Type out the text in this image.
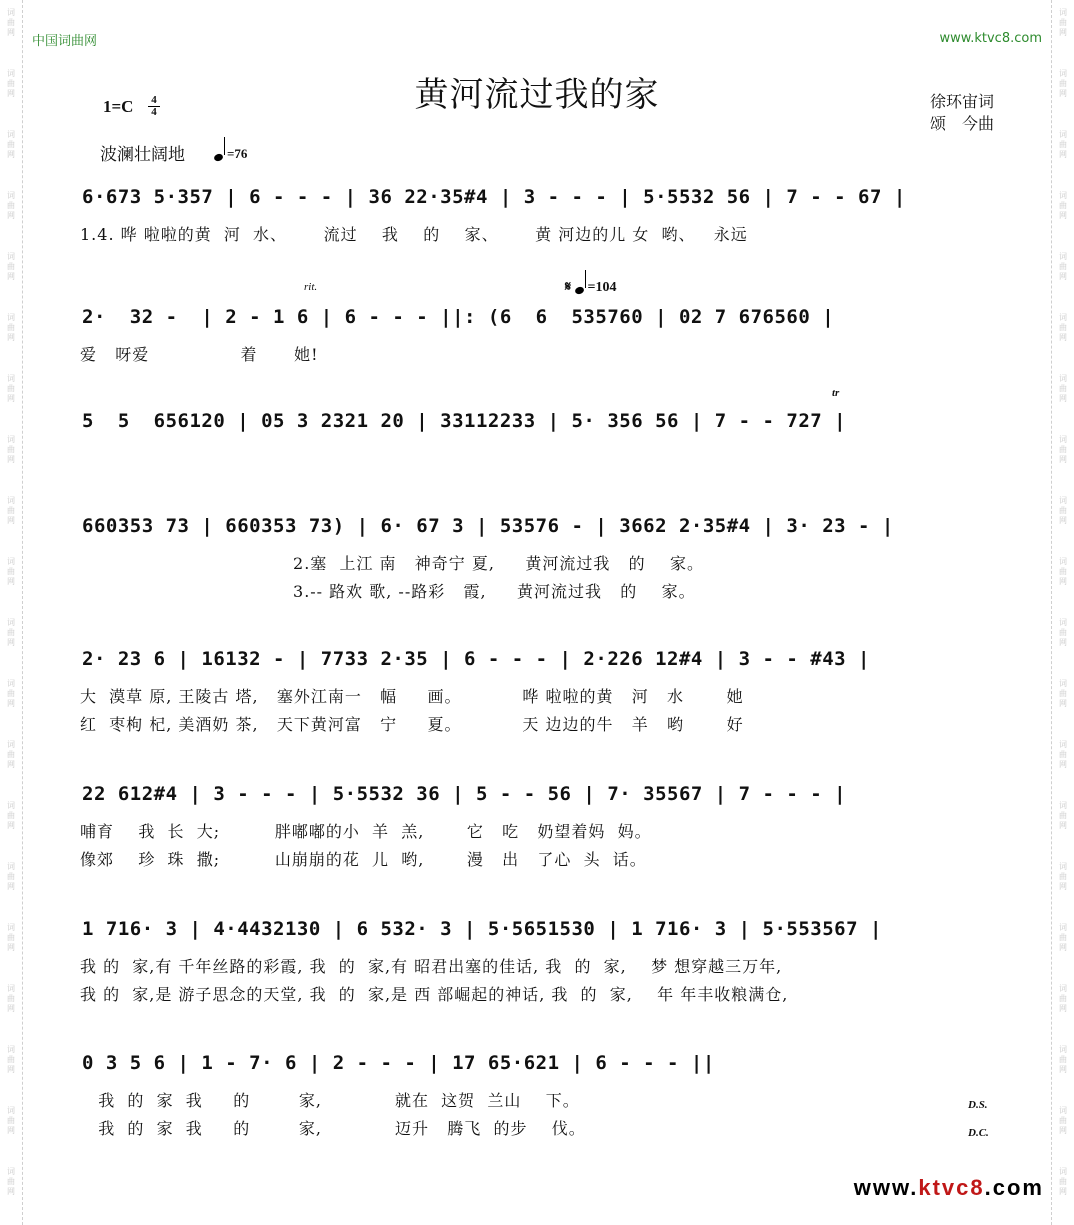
词曲网
词曲网
词曲网
词曲网
词曲网
词曲网
词曲网
词曲网
词曲网
词曲网
词曲网
词曲网
词曲网
词曲网
词曲网
词曲网
词曲网
词曲网
词曲网
词曲网
词曲网
词曲网
词曲网
词曲网
词曲网
词曲网
词曲网
词曲网
词曲网
词曲网
词曲网
词曲网
词曲网
词曲网
词曲网
词曲网
词曲网
词曲网
词曲网
词曲网
中国词曲网	www.ktvc8.com
黄河流过我的家
1=C 4
4
徐环宙词
颂　今曲
波澜壮阔地	=76
6·673 5·357 | 6 - - - | 36 22·35#4 | 3 - - - | 5·5532 56 | 7 - - 67 |
1.4. 哗 啦啦的黄  河  水、      流过    我    的    家、      黄 河边的儿 女  哟、   永远
2·  32 -  | 2 - 1 6 | 6 - - - ||: (6  6  535760 | 02 7 676560 |
爱   呀爱               着      她!
5  5  656120 | 05 3 2321 20 | 33112233 | 5· 356 56 | 7 - - 727 |
660353 73 | 660353 73) | 6· 67 3 | 53576 - | 3662 2·35#4 | 3· 23 - |
2.塞  上江 南   神奇宁 夏,     黄河流过我   的    家。
3.-- 路欢 歌, --路彩   霞,     黄河流过我   的    家。
2· 23 6 | 16132 - | 7733 2·35 | 6 - - - | 2·226 12#4 | 3 - - #43 |
大  漠草 原, 王陵古 塔,   塞外江南一   幅     画。          哗 啦啦的黄   河   水       她
红  枣枸 杞, 美酒奶 茶,   天下黄河富   宁     夏。          天 边边的牛   羊   哟       好
22 612#4 | 3 - - - | 5·5532 36 | 5 - - 56 | 7· 35567 | 7 - - - |
哺育    我  长  大;         胖嘟嘟的小  羊  羔,       它   吃   奶望着妈  妈。
像郊    珍  珠  撒;         山崩崩的花  儿  哟,       漫   出   了心  头  话。
1 716· 3 | 4·4432130 | 6 532· 3 | 5·5651530 | 1 716· 3 | 5·553567 |
我 的  家,有 千年丝路的彩霞, 我  的  家,有 昭君出塞的佳话, 我  的  家,    梦 想穿越三万年,
我 的  家,是 游子思念的天堂, 我  的  家,是 西 部崛起的神话, 我  的  家,    年 年丰收粮满仓,
0 3 5 6 | 1 - 7· 6 | 2 - - - | 17 65·621 | 6 - - - ||
我  的  家  我     的        家,            就在  这贺  兰山    下。
我  的  家  我     的        家,            迈升   腾飞  的步    伐。
rit.	𝄋 =104
tr
D.S.
D.C.
www.ktvc8.com
